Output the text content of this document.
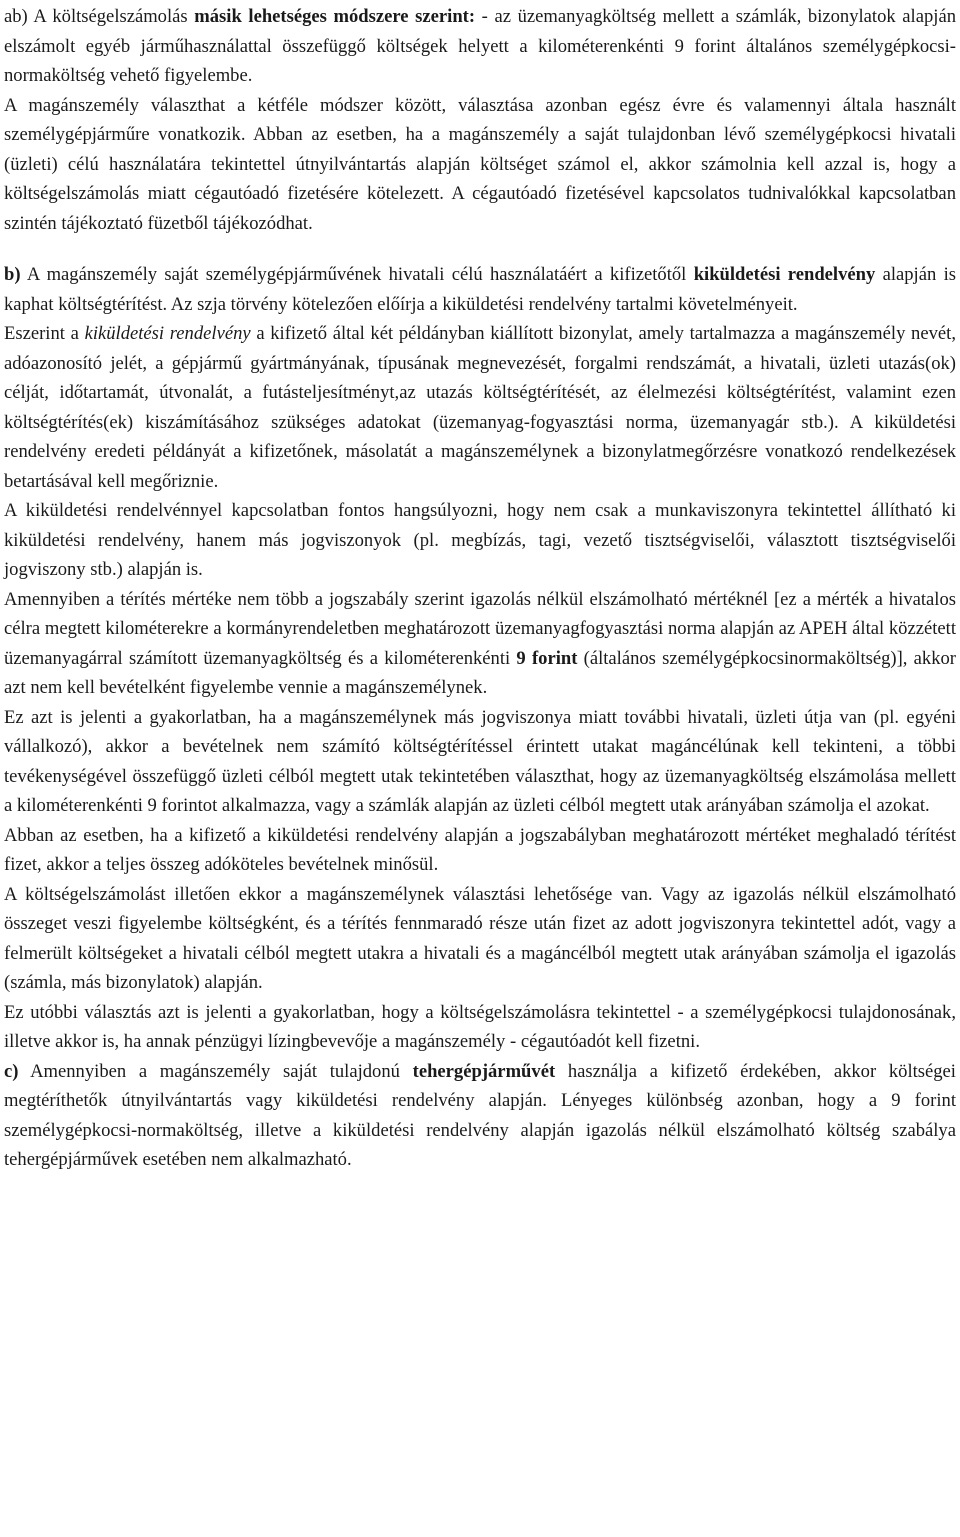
ab) A költségelszámolás másik lehetséges módszere szerint: - az üzemanyagköltség mellett a számlák, bizonylatok alapján elszámolt egyéb járműhasználattal összefüggő költségek helyett a kilométerenkénti 9 forint általános személygépkocsi-normaköltség vehető figyelembe.

A magánszemély választhat a kétféle módszer között, választása azonban egész évre és valamennyi általa használt személygépjárműre vonatkozik. Abban az esetben, ha a magánszemély a saját tulajdonban lévő személygépkocsi hivatali (üzleti) célú használatára tekintettel útnyilvántartás alapján költséget számol el, akkor számolnia kell azzal is, hogy a költségelszámolás miatt cégautóadó fizetésére kötelezett. A cégautóadó fizetésével kapcsolatos tudnivalókkal kapcsolatban szintén tájékoztató füzetből tájékozódhat.

b) A magánszemély saját személygépjárművének hivatali célú használatáért a kifizetőtől kiküldetési rendelvény alapján is kaphat költségtérítést. Az szja törvény kötelezően előírja a kiküldetési rendelvény tartalmi követelményeit.

Eszerint a kiküldetési rendelvény a kifizető által két példányban kiállított bizonylat, amely tartalmazza a magánszemély nevét, adóazonosító jelét, a gépjármű gyártmányának, típusának megnevezését, forgalmi rendszámát, a hivatali, üzleti utazás(ok) célját, időtartamát, útvonalát, a futásteljesítményt,az utazás költségtérítését, az élelmezési költségtérítést, valamint ezen költségtérítés(ek) kiszámításához szükséges adatokat (üzemanyag-fogyasztási norma, üzemanyagár stb.). A kiküldetési rendelvény eredeti példányát a kifizetőnek, másolatát a magánszemélynek a bizonylatmegőrzésre vonatkozó rendelkezések betartásával kell megőriznie.

A kiküldetési rendelvénnyel kapcsolatban fontos hangsúlyozni, hogy nem csak a munkaviszonyra tekintettel állítható ki kiküldetési rendelvény, hanem más jogviszonyok (pl. megbízás, tagi, vezető tisztségviselői, választott tisztségviselői jogviszony stb.) alapján is.

Amennyiben a térítés mértéke nem több a jogszabály szerint igazolás nélkül elszámolható mértéknél [ez a mérték a hivatalos célra megtett kilométerekre a kormányrendeletben meghatározott üzemanyagfogyasztási norma alapján az APEH által közzétett üzemanyagárral számított üzemanyagköltség és a kilométerenkénti 9 forint (általános személygépkocsinormaköltség)], akkor azt nem kell bevételként figyelembe vennie a magánszemélynek.

Ez azt is jelenti a gyakorlatban, ha a magánszemélynek más jogviszonya miatt további hivatali, üzleti útja van (pl. egyéni vállalkozó), akkor a bevételnek nem számító költségtérítéssel érintett utakat magáncélúnak kell tekinteni, a többi tevékenységével összefüggő üzleti célból megtett utak tekintetében választhat, hogy az üzemanyagköltség elszámolása mellett a kilométerenkénti 9 forintot alkalmazza, vagy a számlák alapján az üzleti célból megtett utak arányában számolja el azokat.

Abban az esetben, ha a kifizető a kiküldetési rendelvény alapján a jogszabályban meghatározott mértéket meghaladó térítést fizet, akkor a teljes összeg adóköteles bevételnek minősül.

A költségelszámolást illetően ekkor a magánszemélynek választási lehetősége van. Vagy az igazolás nélkül elszámolható összeget veszi figyelembe költségként, és a térítés fennmaradó része után fizet az adott jogviszonyra tekintettel adót, vagy a felmerült költségeket a hivatali célból megtett utakra a hivatali és a magáncélból megtett utak arányában számolja el igazolás (számla, más bizonylatok) alapján.

Ez utóbbi választás azt is jelenti a gyakorlatban, hogy a költségelszámolásra tekintettel - a személygépkocsi tulajdonosának, illetve akkor is, ha annak pénzügyi lízingbevevője a magánszemély - cégautóadót kell fizetni.

c) Amennyiben a magánszemély saját tulajdonú tehergépjárművét használja a kifizető érdekében, akkor költségei megtéríthetők útnyilvántartás vagy kiküldetési rendelvény alapján. Lényeges különbség azonban, hogy a 9 forint személygépkocsi-normaköltség, illetve a kiküldetési rendelvény alapján igazolás nélkül elszámolható költség szabálya tehergépjárművek esetében nem alkalmazható.
